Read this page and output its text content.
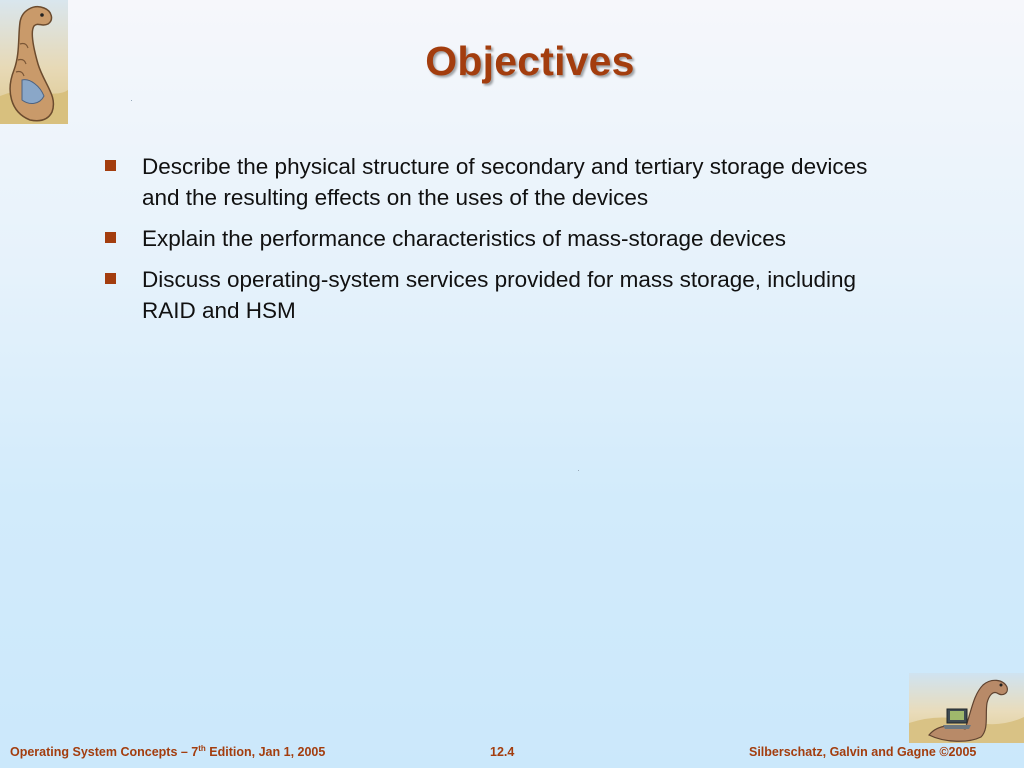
Objectives
Describe the physical structure of secondary and tertiary storage devices and the resulting effects on the uses of the devices
Explain the performance characteristics of mass-storage devices
Discuss operating-system services provided for mass storage, including RAID and HSM
Operating System Concepts – 7th Edition, Jan 1, 2005	12.4	Silberschatz, Galvin and Gagne ©2005
